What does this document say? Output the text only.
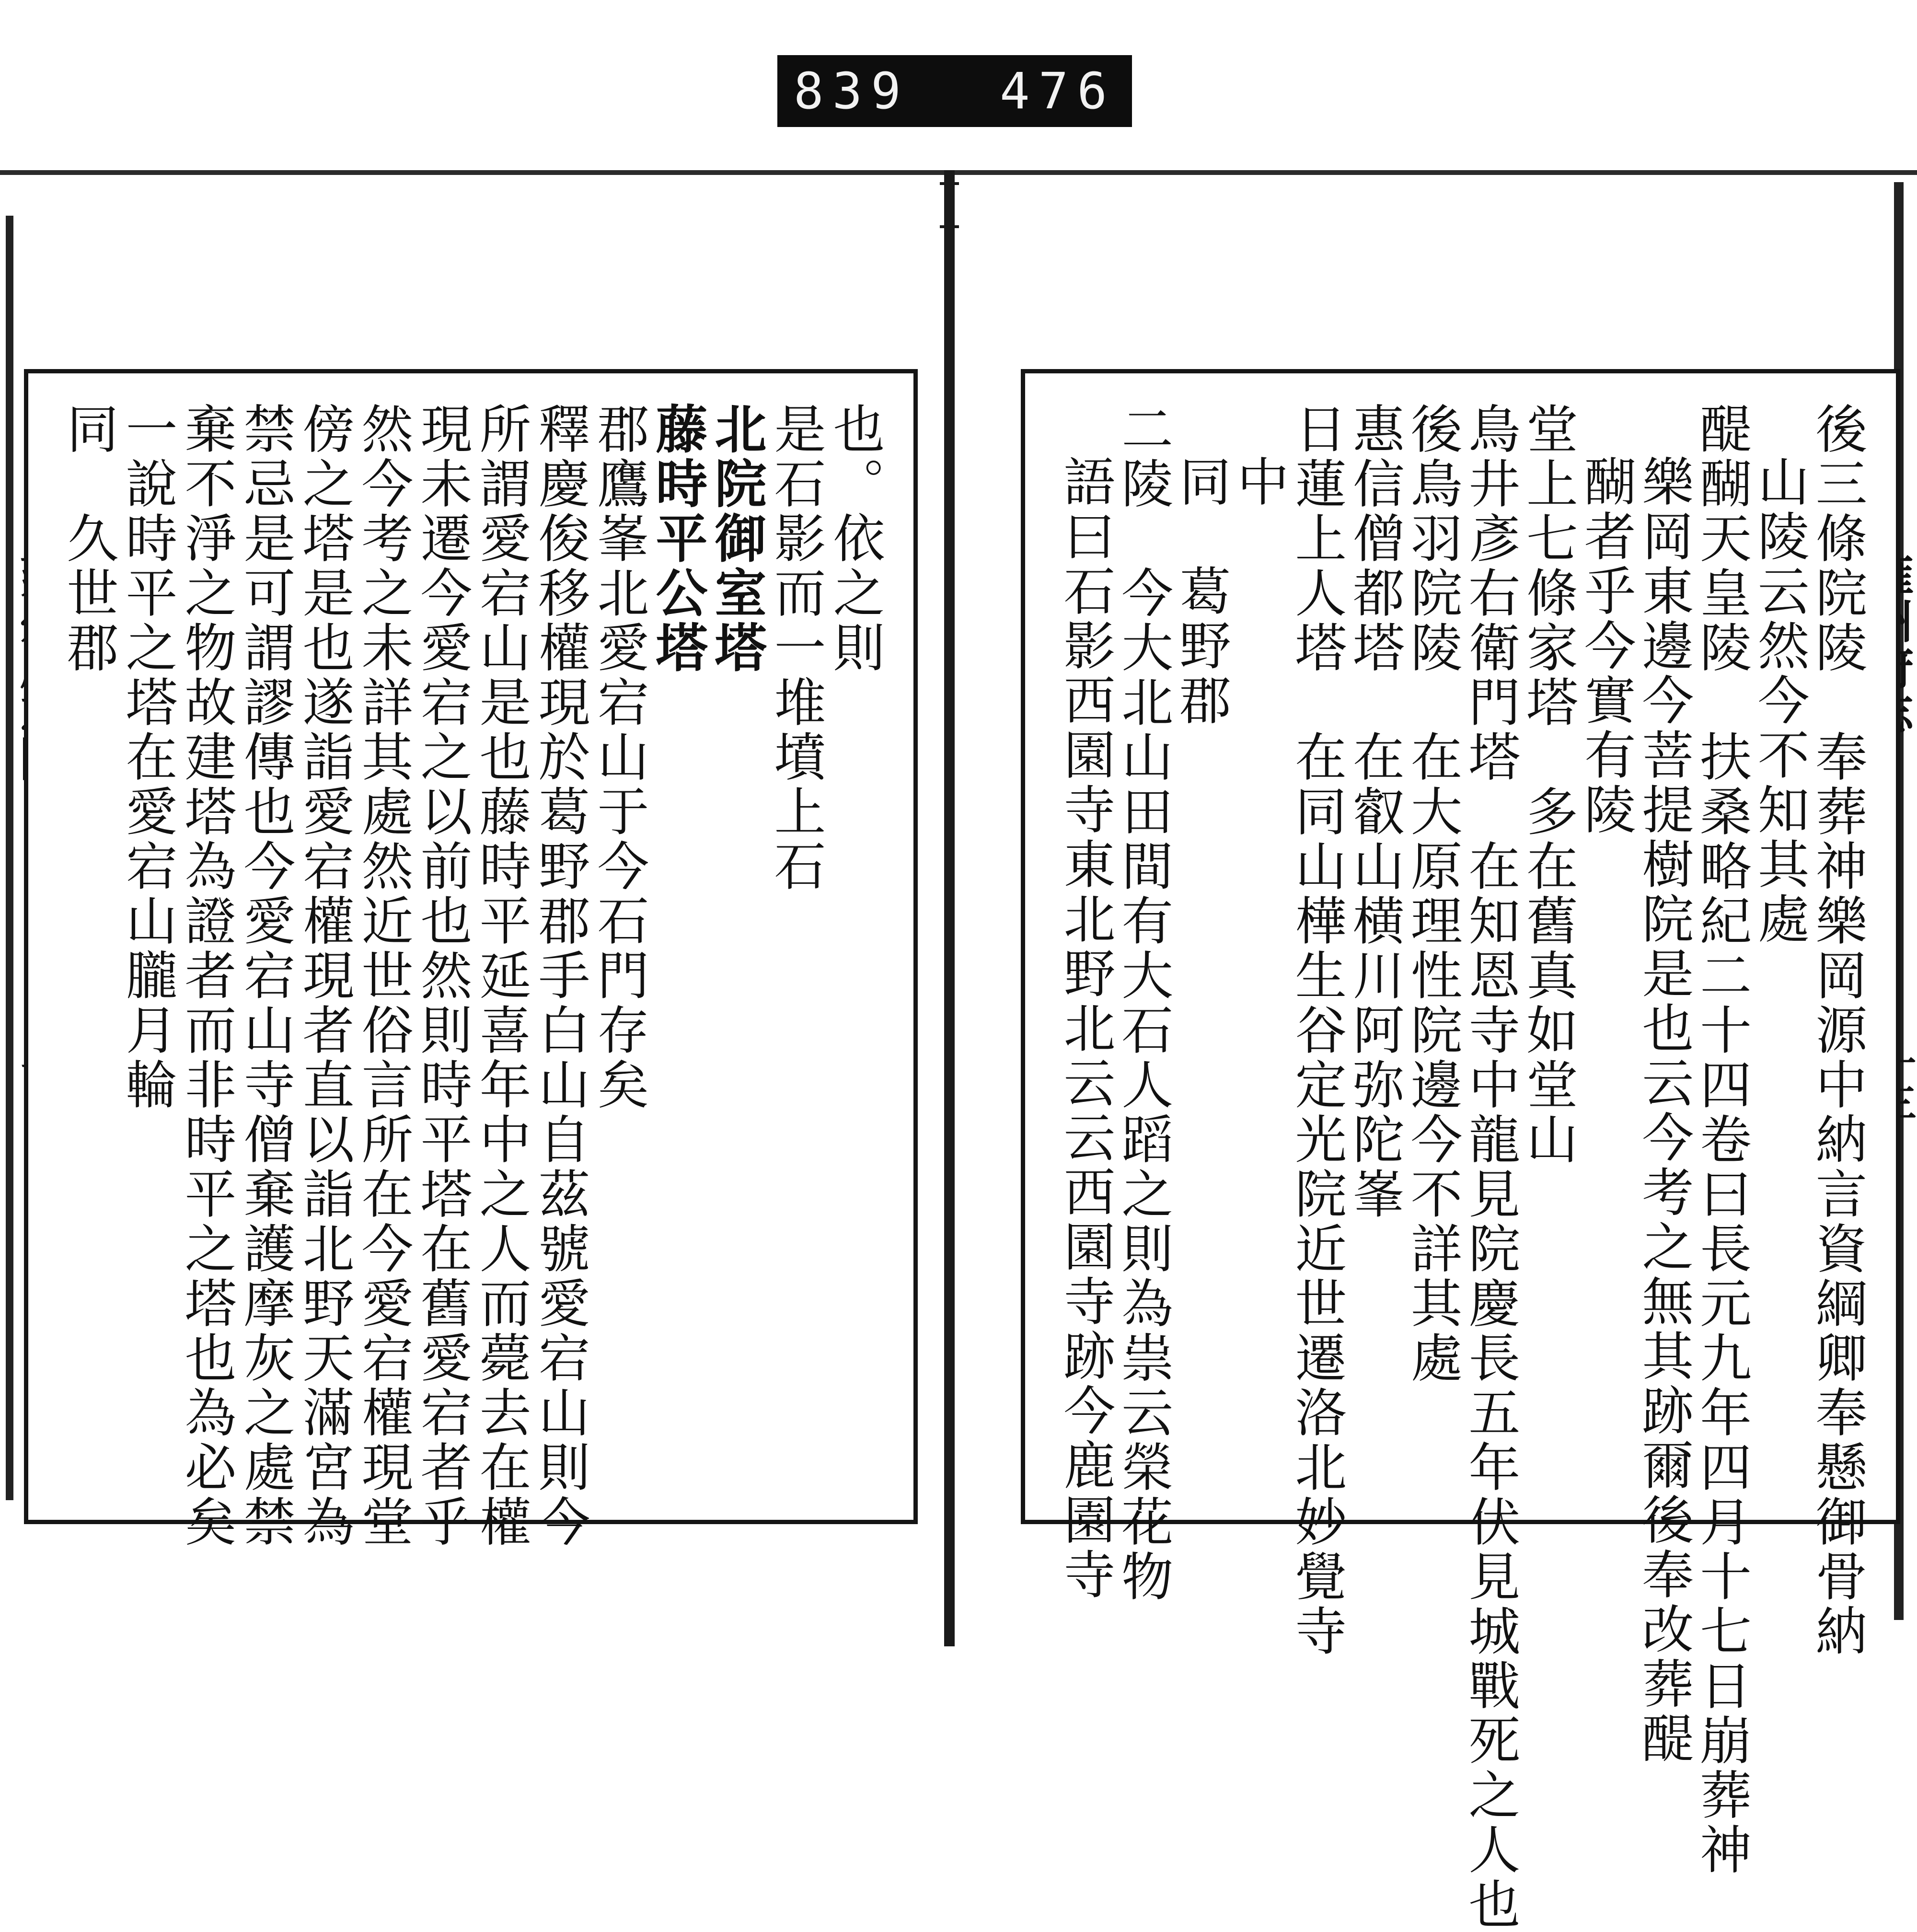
839 476
也。依之則
是石影而一堆墳上石
北院御室塔
藤時平公塔
郡鷹峯北愛宕山于今石門存矣
釋慶俊移權現於葛野郡手白山自茲號愛宕山則今
所謂愛宕山是也藤時平延喜年中之人而薨去在權
現未遷今愛宕之以前也然則時平塔在舊愛宕者乎
然今考之未詳其處然近世俗言所在今愛宕權現堂
傍之塔是也遂詣愛宕權現者直以詣北野天滿宮為
禁忌是可謂謬傳也今愛宕山寺僧棄護摩灰之處禁
棄不淨之物故建塔為證者而非時平之塔也為必矣
一說時平之塔在愛宕山朧月輪
同　久世郡	後三條院陵　奉葬神樂岡源中納言資綱卿奉懸御骨納
山陵云然今不知其處
醍醐天皇陵　扶桑略紀二十四卷曰長元九年四月十七日崩葬神
樂岡東邊今菩提樹院是也云今考之無其跡爾後奉改葬醍
醐者乎今實有陵
堂上七條家塔　多在舊真如堂山
鳥井彥右衛門塔　在知恩寺中龍見院慶長五年伏見城戰死之人也
後鳥羽院陵　在大原理性院邊今不詳其處
惠信僧都塔　在叡山横川阿弥陀峯
日蓮上人塔　在同山樺生谷定光院近世遷洛北妙覺寺
中
同　葛野郡
二陵　今大北山田間有大石人蹈之則為祟云榮花物
語曰石影西園寺東北野北云云西園寺跡今鹿園寺
